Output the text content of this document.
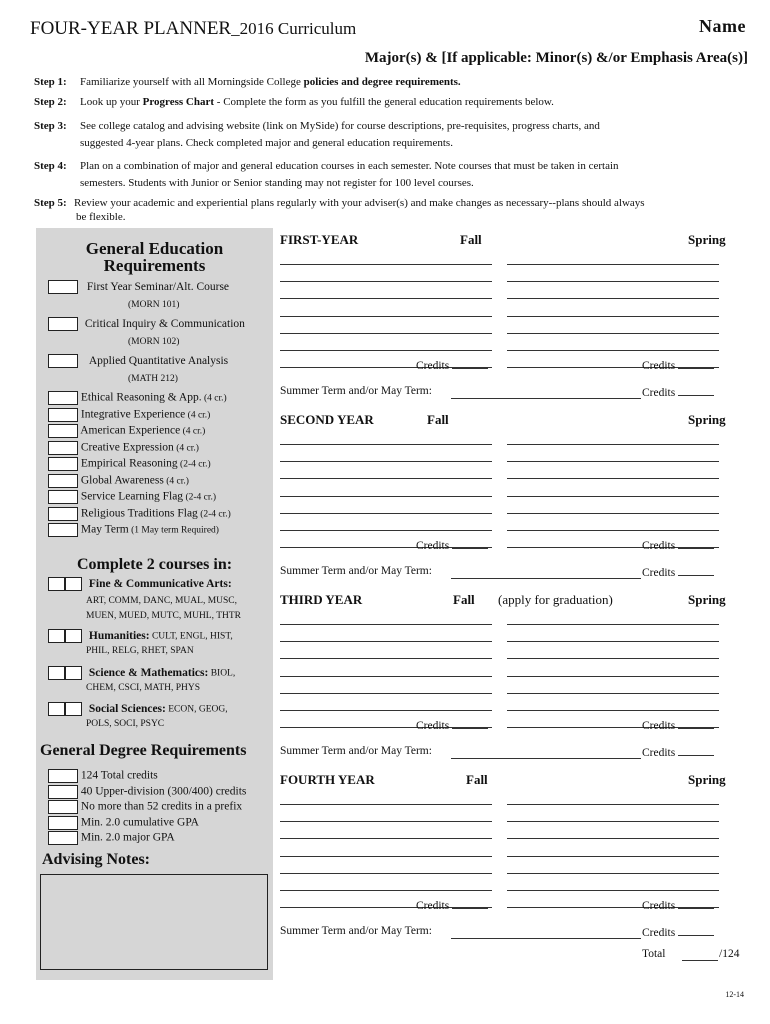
FOUR-YEAR PLANNER_2016 Curriculum	Name
Major(s) & [If applicable: Minor(s) &/or Emphasis Area(s)]
Step 1: Familiarize yourself with all Morningside College policies and degree requirements.
Step 2: Look up your Progress Chart - Complete the form as you fulfill the general education requirements below.
Step 3: See college catalog and advising website (link on MySide) for course descriptions, pre-requisites, progress charts, and
suggested 4-year plans. Check completed major and general education requirements.
Step 4: Plan on a combination of major and general education courses in each semester. Note courses that must be taken in certain
semesters. Students with Junior or Senior standing may not register for 100 level courses.
Step 5: Review your academic and experiential plans regularly with your adviser(s) and make changes as necessary--plans should always
be flexible.
General Education
Requirements
First Year Seminar/Alt. Course
(MORN 101)
Critical Inquiry & Communication
(MORN 102)
Applied Quantitative Analysis
(MATH 212)
Ethical Reasoning & App. (4 cr.)
Integrative Experience (4 cr.)
American Experience (4 cr.)
Creative Expression (4 cr.)
Empirical Reasoning (2-4 cr.)
Global Awareness (4 cr.)
Service Learning Flag (2-4 cr.)
Religious Traditions Flag (2-4 cr.)
May Term (1 May term Required)
Complete 2 courses in:
Fine & Communicative Arts:
ART, COMM, DANC, MUAL, MUSC,
MUEN, MUED, MUTC, MUHL, THTR
Humanities: CULT, ENGL, HIST,
PHIL, RELG, RHET, SPAN
Science & Mathematics: BIOL,
CHEM, CSCI, MATH, PHYS
Social Sciences: ECON, GEOG,
POLS, SOCI, PSYC
General Degree Requirements
124 Total credits
40 Upper-division (300/400) credits
No more than 52 credits in a prefix
Min. 2.0 cumulative GPA
Min. 2.0 major GPA
Advising Notes:
FIRST-YEAR	Fall	Spring
Credits	Credits
Summer Term and/or May Term:	Credits
SECOND YEAR	Fall	Spring
Credits	Credits
Summer Term and/or May Term:	Credits
THIRD YEAR	Fall (apply for graduation)	Spring
Credits	Credits
Summer Term and/or May Term:	Credits
FOURTH YEAR	Fall	Spring
Credits	Credits
Summer Term and/or May Term:	Credits
Total	/124
12-14
